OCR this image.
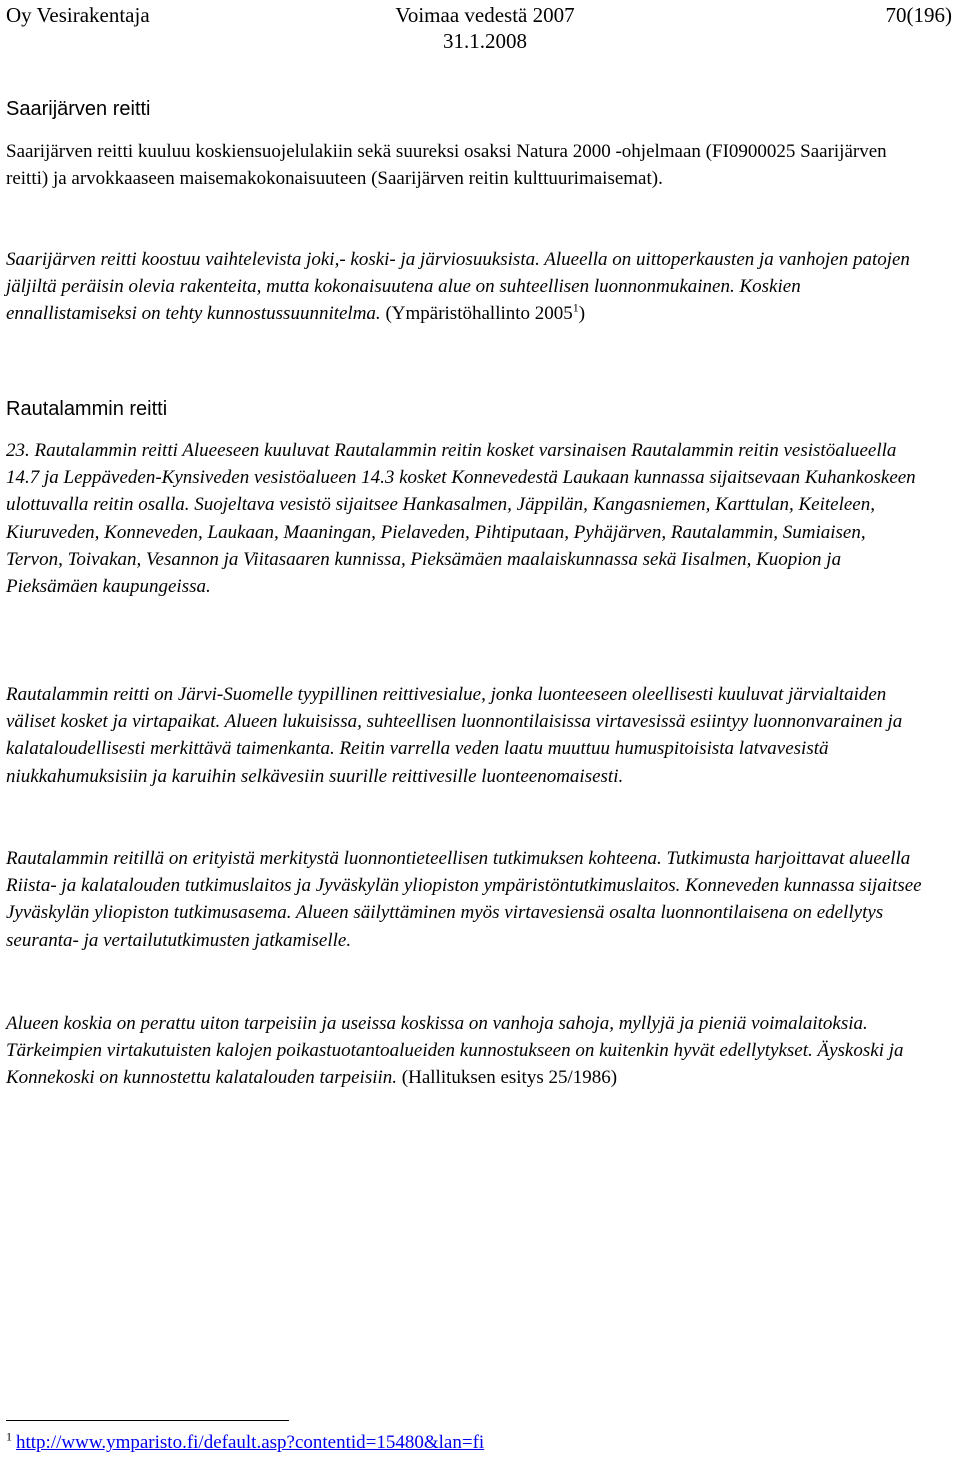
Oy Vesirakentaja	Voimaa vedestä 2007
31.1.2008
70(196)
Saarijärven reitti

Saarijärven reitti kuuluu koskiensuojelulakiin sekä suureksi osaksi Natura 2000 -ohjelmaan (FI0900025 Saarijärven reitti) ja arvokkaaseen maisemakokonaisuuteen (Saarijärven reitin kulttuurimaisemat).

Saarijärven reitti koostuu vaihtelevista joki,- koski- ja järviosuuksista. Alueella on uittoperkausten ja vanhojen patojen jäljiltä peräisin olevia rakenteita, mutta kokonaisuutena alue on suhteellisen luonnonmukainen. Koskien ennallistamiseksi on tehty kunnostussuunnitelma. (Ympäristöhallinto 2005$^1$)

Rautalammin reitti

23. Rautalammin reitti Alueeseen kuuluvat Rautalammin reitin kosket varsinaisen Rautalammin reitin vesistöalueella 14.7 ja Leppäveden-Kynsiveden vesistöalueen 14.3 kosket Konnevedestä Laukaan kunnassa sijaitsevaan Kuhankoskeen ulottuvalla reitin osalla. Suojeltava vesistö sijaitsee Hankasalmen, Jäppilän, Kangasniemen, Karttulan, Keiteleen, Kiuruveden, Konneveden, Laukaan, Maaningan, Pielaveden, Pihtiputaan, Pyhäjärven, Rautalammin, Sumiaisen, Tervon, Toivakan, Vesannon ja Viitasaaren kunnissa, Pieksämäen maalaiskunnassa sekä Iisalmen, Kuopion ja Pieksämäen kaupungeissa.

Rautalammin reitti on Järvi-Suomelle tyypillinen reittivesialue, jonka luonteeseen oleellisesti kuuluvat järvialtaiden väliset kosket ja virtapaikat. Alueen lukuisissa, suhteellisen luonnontilaisissa virtavesissä esiintyy luonnonvarainen ja kalataloudellisesti merkittävä taimenkanta. Reitin varrella veden laatu muuttuu humuspitoisista latvavesistä niukkahumuksisiin ja karuihin selkävesiin suurille reittivesille luonteenomaisesti.

Rautalammin reitillä on erityistä merkitystä luonnontieteellisen tutkimuksen kohteena. Tutkimusta harjoittavat alueella Riista- ja kalatalouden tutkimuslaitos ja Jyväskylän yliopiston ympäristöntutkimuslaitos. Konneveden kunnassa sijaitsee Jyväskylän yliopiston tutkimusasema. Alueen säilyttäminen myös virtavesiensä osalta luonnontilaisena on edellytys seuranta- ja vertailututkimusten jatkamiselle.

Alueen koskia on perattu uiton tarpeisiin ja useissa koskissa on vanhoja sahoja, myllyjä ja pieniä voimalaitoksia. Tärkeimpien virtakutuisten kalojen poikastuotantoalueiden kunnostukseen on kuitenkin hyvät edellytykset. Äyskoski ja Konnekoski on kunnostettu kalatalouden tarpeisiin. (Hallituksen esitys 25/1986)

$^1$ http://www.ymparisto.fi/default.asp?contentid=15480&lan=fi
